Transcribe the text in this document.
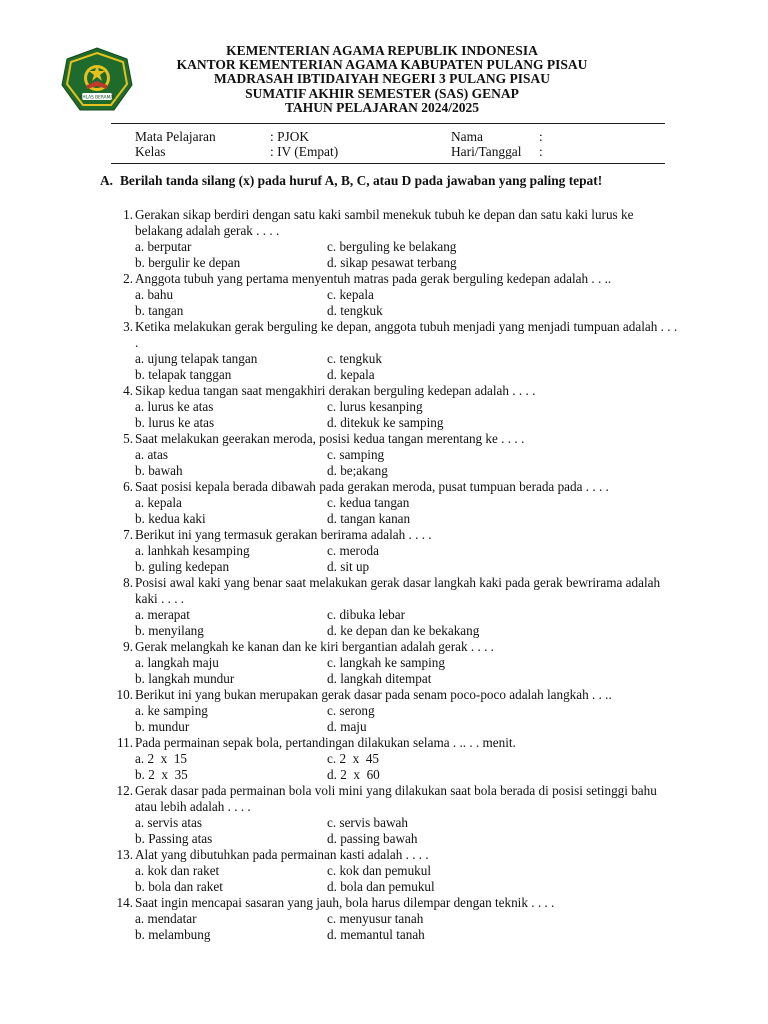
IKHLAS BERAMAL
KEMENTERIAN AGAMA REPUBLIK INDONESIA
KANTOR KEMENTERIAN AGAMA KABUPATEN PULANG PISAU
MADRASAH IBTIDAIYAH NEGERI 3 PULANG PISAU
SUMATIF AKHIR SEMESTER (SAS) GENAP
TAHUN PELAJARAN 2024/2025
Mata Pelajaran	: PJOK	Nama	:
Kelas	: IV (Empat)	Hari/Tanggal :
A. Berilah tanda silang (x) pada huruf A, B, C, atau D pada jawaban yang paling tepat!
1. Gerakan sikap berdiri dengan satu kaki sambil menekuk tubuh ke depan dan satu kaki lurus ke belakang adalah gerak . . . .
a. berputar	c. berguling ke belakang
b. bergulir ke depan	d. sikap pesawat terbang
2. Anggota tubuh yang pertama menyentuh matras pada gerak berguling kedepan adalah . . ..
a. bahu	c. kepala
b. tangan	d. tengkuk
3. Ketika melakukan gerak berguling ke depan, anggota tubuh menjadi yang menjadi tumpuan adalah . . . .
a. ujung telapak tangan	c. tengkuk
b. telapak tanggan	d. kepala
4. Sikap kedua tangan saat mengakhiri derakan berguling kedepan adalah . . . .
a. lurus ke atas	c. lurus kesanping
b. lurus ke atas	d. ditekuk ke samping
5. Saat melakukan geerakan meroda, posisi kedua tangan merentang ke . . . .
a. atas	c. samping
b. bawah	d. be;akang
6. Saat posisi kepala berada dibawah pada gerakan meroda, pusat tumpuan berada pada . . . .
a. kepala	c. kedua tangan
b. kedua kaki	d. tangan kanan
7. Berikut ini yang termasuk gerakan berirama adalah . . . .
a. lanhkah kesamping	c. meroda
b. guling kedepan	d. sit up
8. Posisi awal kaki yang benar saat melakukan gerak dasar langkah kaki pada gerak bewrirama adalah kaki . . . .
a. merapat	c. dibuka lebar
b. menyilang	d. ke depan dan ke bekakang
9. Gerak melangkah ke kanan dan ke kiri bergantian adalah gerak . . . .
a. langkah maju	c. langkah ke samping
b. langkah mundur	d. langkah ditempat
10. Berikut ini yang bukan merupakan gerak dasar pada senam poco-poco adalah langkah . . ..
a. ke samping	c. serong
b. mundur	d. maju
11. Pada permainan sepak bola, pertandingan dilakukan selama . .. . . menit.
a. 2  x  15	c. 2  x  45
b. 2  x  35	d. 2  x  60
12. Gerak dasar pada permainan bola voli mini yang dilakukan saat bola berada di posisi setinggi bahu atau lebih adalah . . . .
a. servis atas	c. servis bawah
b. Passing atas	d. passing bawah
13. Alat yang dibutuhkan pada permainan kasti adalah . . . .
a. kok dan raket	c. kok dan pemukul
b. bola dan raket	d. bola dan pemukul
14. Saat ingin mencapai sasaran yang jauh, bola harus dilempar dengan teknik . . . .
a. mendatar	c. menyusur tanah
b. melambung	d. memantul tanah
